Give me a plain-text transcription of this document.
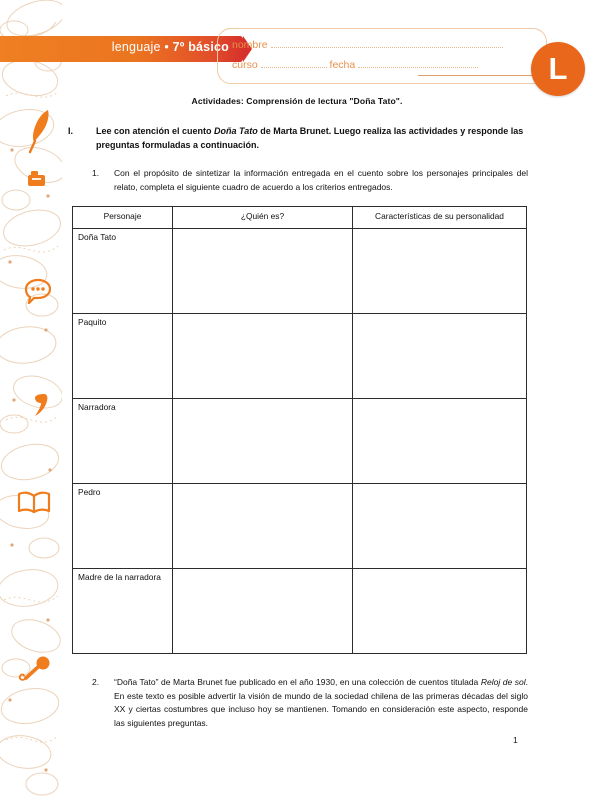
lenguaje • 7º básico nombre
curso	fecha	L
Actividades: Comprensión de lectura "Doña Tato".
I.	Lee con atención el cuento Doña Tato de Marta Brunet. Luego realiza las actividades y responde las preguntas formuladas a continuación.
1. Con el propósito de sintetizar la información entregada en el cuento sobre los personajes principales del relato, completa el siguiente cuadro de acuerdo a los criterios entregados.
Personaje	¿Quién es?	Características de su personalidad
Doña Tato		
Paquito		
Narradora		
Pedro		
Madre de la narradora		
2. “Doña Tato” de Marta Brunet fue publicado en el año 1930, en una colección de cuentos titulada Reloj de sol. En este texto es posible advertir la visión de mundo de la sociedad chilena de las primeras décadas del siglo XX y ciertas costumbres que incluso hoy se mantienen. Tomando en consideración este aspecto, responde las siguientes preguntas.
1
